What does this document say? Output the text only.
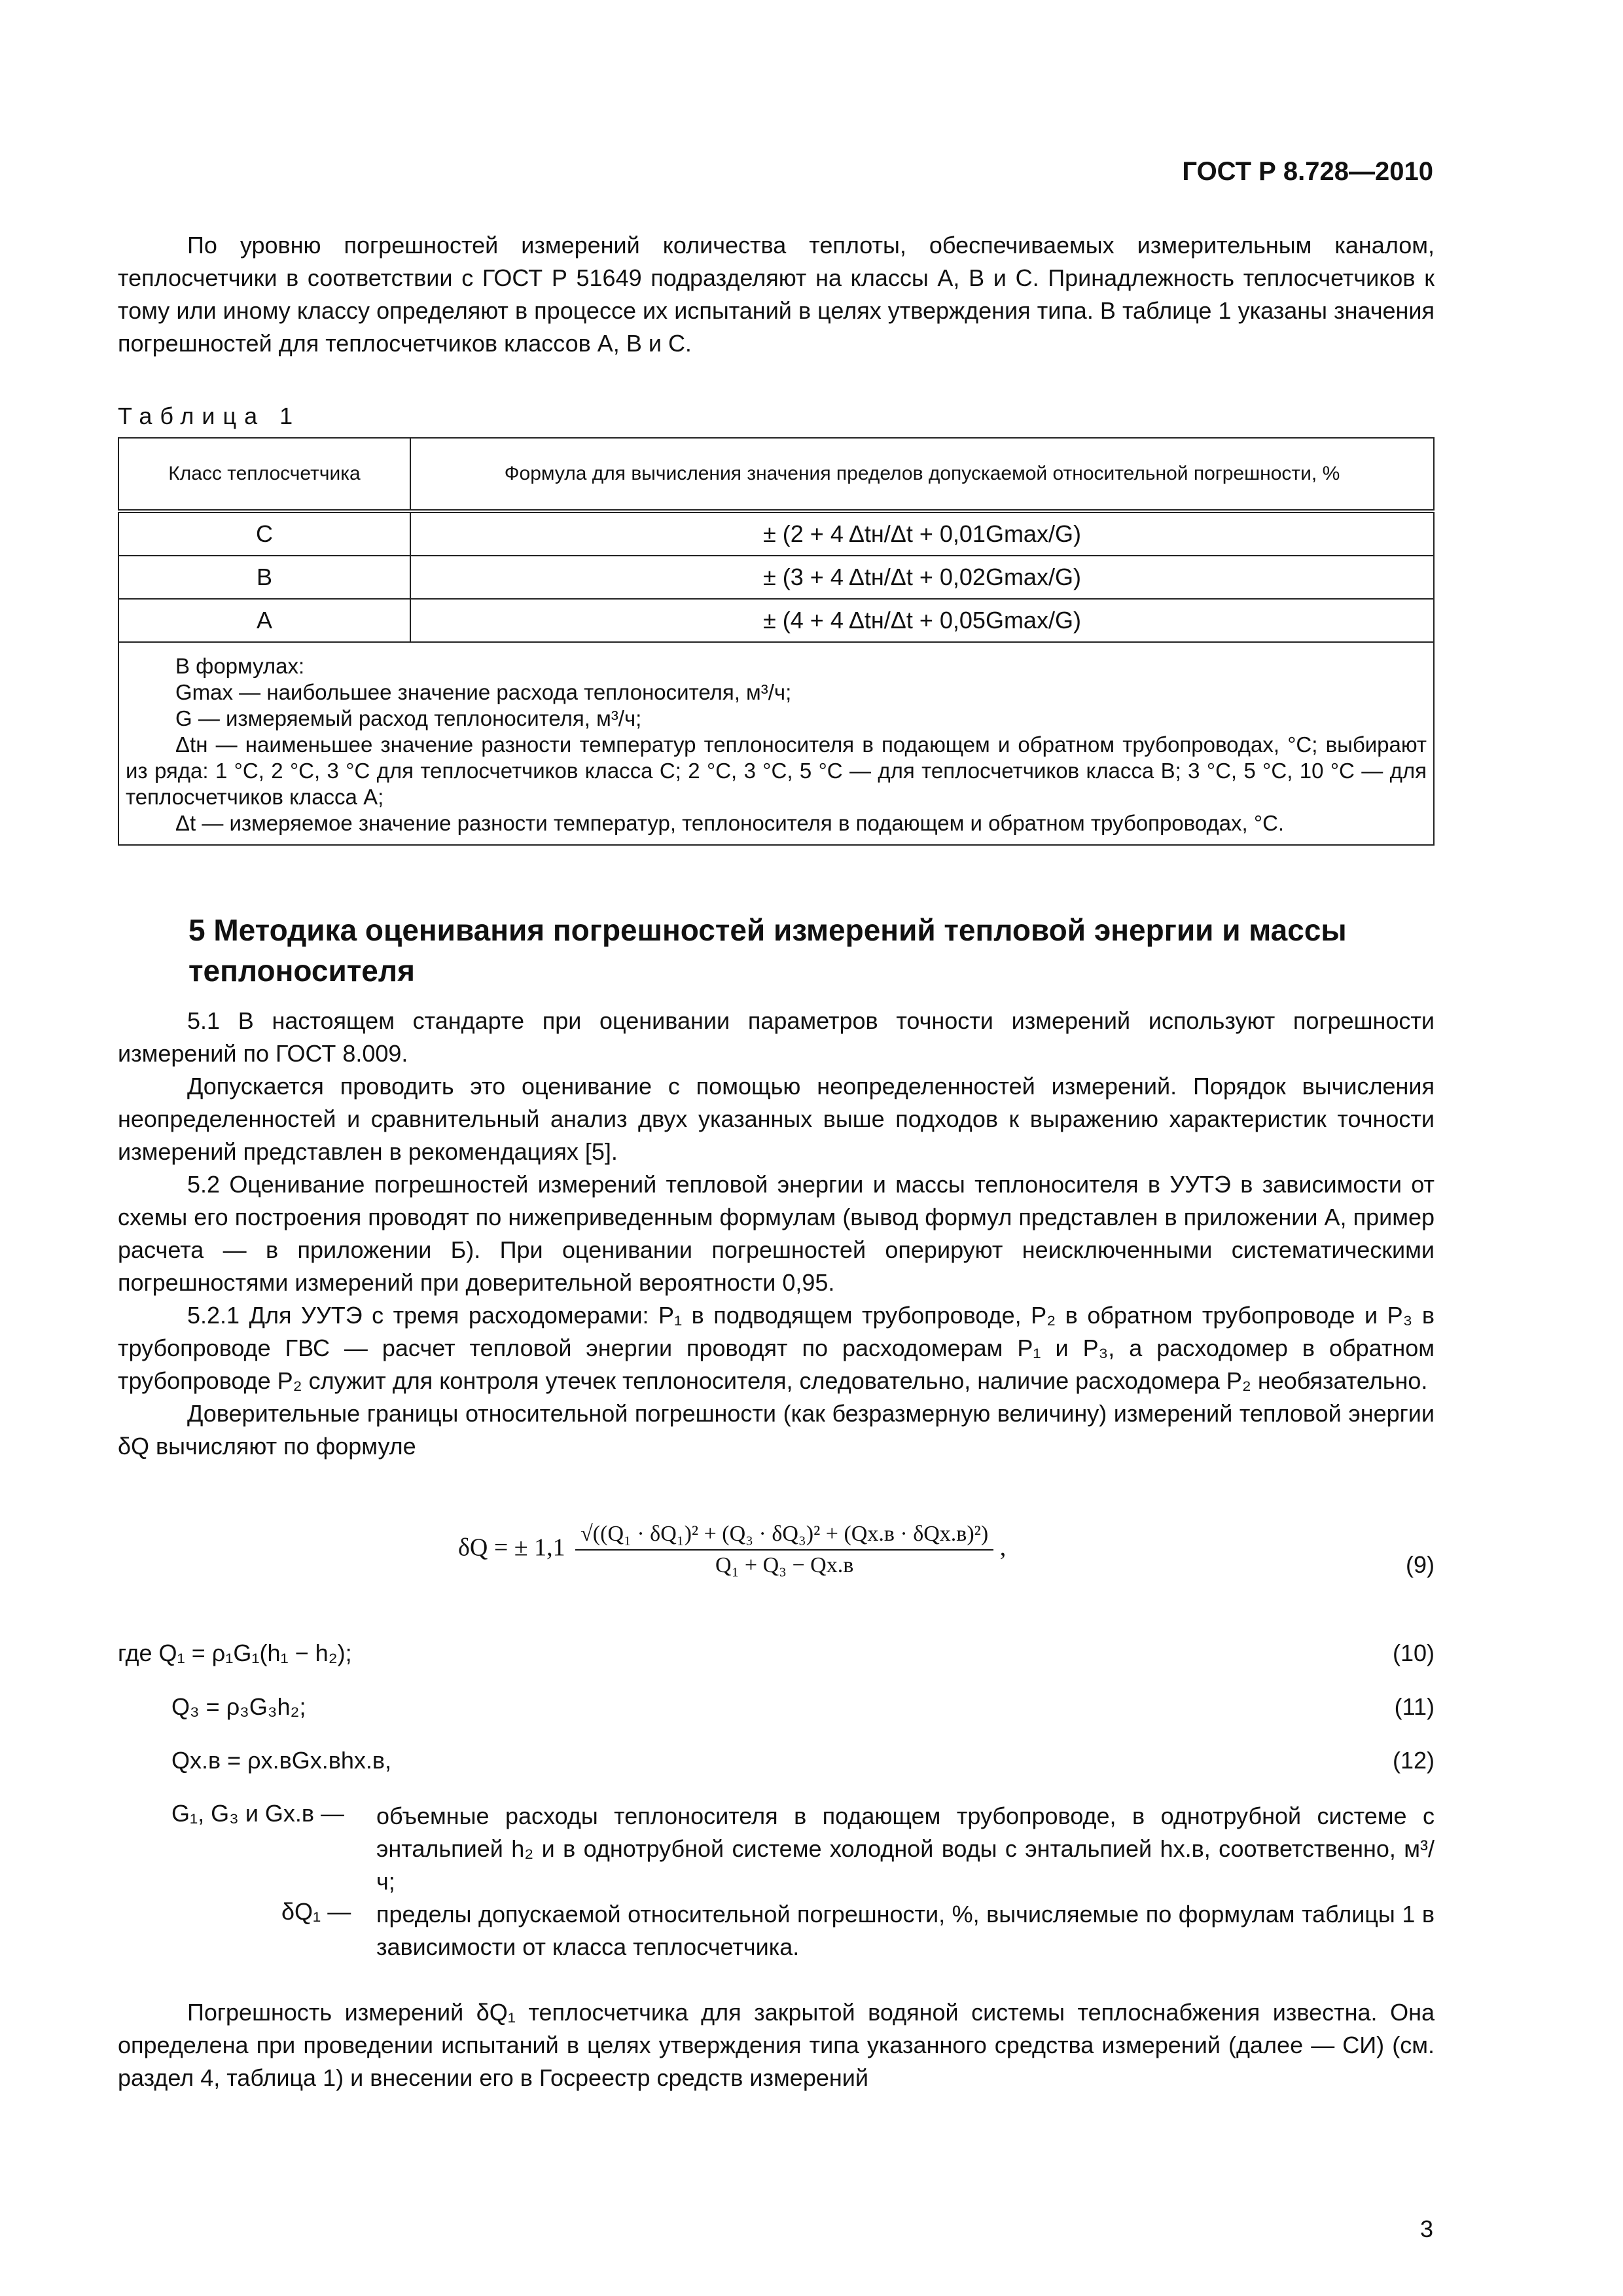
ГОСТ Р 8.728—2010

По уровню погрешностей измерений количества теплоты, обеспечиваемых измерительным каналом, теплосчетчики в соответствии с ГОСТ Р 51649 подразделяют на классы A, B и C. Принадлежность теплосчетчиков к тому или иному классу определяют в процессе их испытаний в целях утверждения типа. В таблице 1 указаны значения погрешностей для теплосчетчиков классов A, B и C.

Таблица 1
Класс теплосчетчика	Формула для вычисления значения пределов допускаемой относительной погрешности, %
C	± (2 + 4 Δtн/Δt + 0,01Gmax/G)
B	± (3 + 4 Δtн/Δt + 0,02Gmax/G)
A	± (4 + 4 Δtн/Δt + 0,05Gmax/G)

В формулах:

Gmax — наибольшее значение расхода теплоносителя, м³/ч;

G — измеряемый расход теплоносителя, м³/ч;

Δtн — наименьшее значение разности температур теплоносителя в подающем и обратном трубопроводах, °C; выбирают из ряда: 1 °C, 2 °C, 3 °C для теплосчетчиков класса C; 2 °C, 3 °C, 5 °C — для теплосчетчиков класса B; 3 °C, 5 °C, 10 °C — для теплосчетчиков класса A;

Δt — измеряемое значение разности температур, теплоносителя в подающем и обратном трубопроводах, °C.	

5 Методика оценивания погрешностей измерений тепловой энергии и массы теплоносителя

5.1 В настоящем стандарте при оценивании параметров точности измерений используют погрешности измерений по ГОСТ 8.009.

Допускается проводить это оценивание с помощью неопределенностей измерений. Порядок вычисления неопределенностей и сравнительный анализ двух указанных выше подходов к выражению характеристик точности измерений представлен в рекомендациях [5].

5.2 Оценивание погрешностей измерений тепловой энергии и массы теплоносителя в УУТЭ в зависимости от схемы его построения проводят по нижеприведенным формулам (вывод формул представлен в приложении A, пример расчета — в приложении Б). При оценивании погрешностей оперируют неисключенными систематическими погрешностями измерений при доверительной вероятности 0,95.

5.2.1 Для УУТЭ с тремя расходомерами: P₁ в подводящем трубопроводе, P₂ в обратном трубопроводе и P₃ в трубопроводе ГВС — расчет тепловой энергии проводят по расходомерам P₁ и P₃, а расходомер в обратном трубопроводе P₂ служит для контроля утечек теплоносителя, следовательно, наличие расходомера P₂ необязательно.

Доверительные границы относительной погрешности (как безразмерную величину) измерений тепловой энергии δQ вычисляют по формуле

δQ = ± 1,1
√((Q₁ · δQ₁)² + (Q₃ · δQ₃)² + (Qх.в · δQх.в)²)
Q₁ + Q₃ − Qх.в
,
(9)
где Q₁ = ρ₁G₁(h₁ − h₂);	(10)
Q₃ = ρ₃G₃h₂;	(11)
Qх.в = ρх.вGх.вhх.в,	(12)
G₁, G₃ и Gх.в — объемные расходы теплоносителя в подающем трубопроводе, в однотрубной системе с энтальпией h₂ и в однотрубной системе холодной воды с энтальпией hх.в, соответственно, м³/ч;
δQ₁ — пределы допускаемой относительной погрешности, %, вычисляемые по формулам таблицы 1 в зависимости от класса теплосчетчика.

Погрешность измерений δQ₁ теплосчетчика для закрытой водяной системы теплоснабжения известна. Она определена при проведении испытаний в целях утверждения типа указанного средства измерений (далее — СИ) (см. раздел 4, таблица 1) и внесении его в Госреестр средств измерений

3
